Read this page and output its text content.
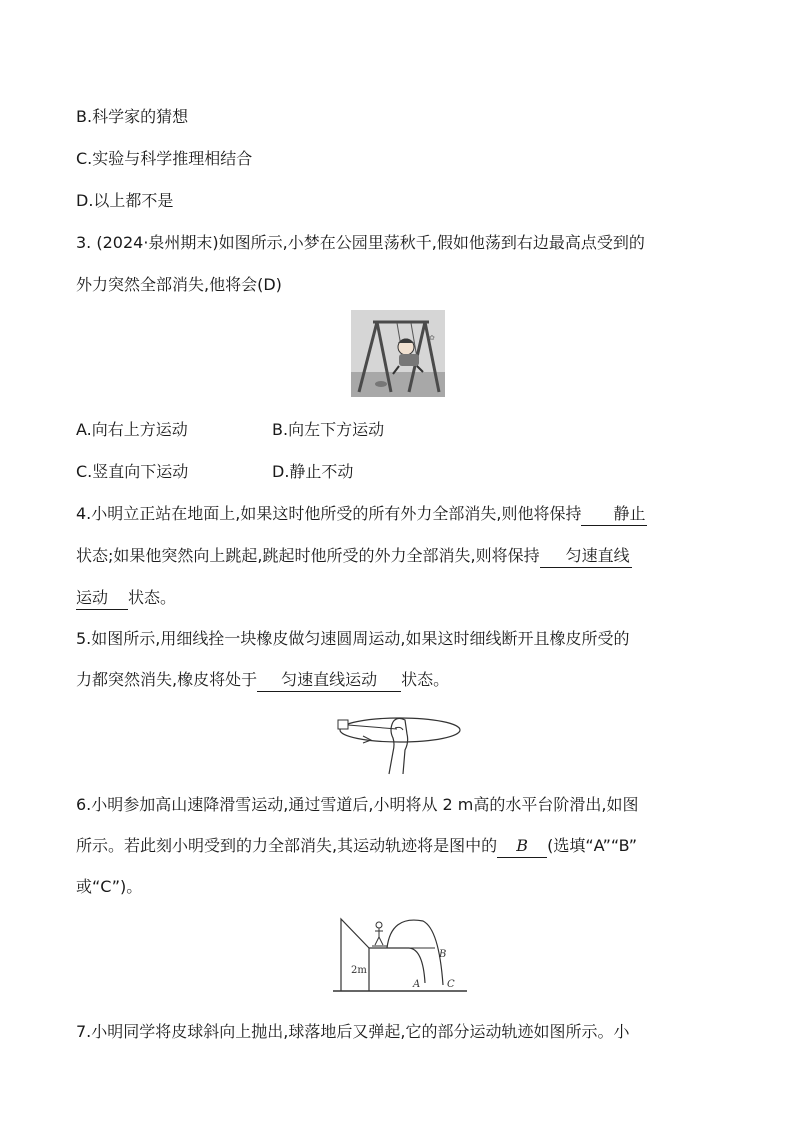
B.科学家的猜想
C.实验与科学推理相结合
D.以上都不是
3. (2024·泉州期末)如图所示,小梦在公园里荡秋千,假如他荡到右边最高点受到的
外力突然全部消失,他将会(D)
✿
A.向右上方运动	B.向左下方运动
C.竖直向下运动	D.静止不动
4.小明立正站在地面上,如果这时他所受的所有外力全部消失,则他将保持 静止
状态;如果他突然向上跳起,跳起时他所受的外力全部消失,则将保持 匀速直线
运动 状态。
5.如图所示,用细线拴一块橡皮做匀速圆周运动,如果这时细线断开且橡皮所受的
力都突然消失,橡皮将处于 匀速直线运动 状态。
6.小明参加高山速降滑雪运动,通过雪道后,小明将从 2 m高的水平台阶滑出,如图
所示。若此刻小明受到的力全部消失,其运动轨迹将是图中的 B (选填“A”“B”
或“C”)。
2m
A
B
C
7.小明同学将皮球斜向上抛出,球落地后又弹起,它的部分运动轨迹如图所示。小
